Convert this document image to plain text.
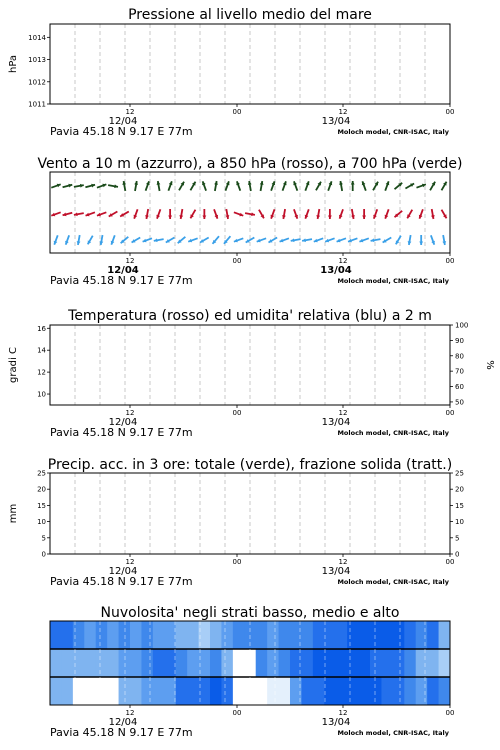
Pressione al livello medio del mare
1011
1012
1013
1014
hPa
12	00	12	00
12/04	13/04
Pavia 45.18 N 9.17 E 77m	Moloch model, CNR-ISAC, Italy
Vento a 10 m (azzurro), a 850 hPa (rosso), a 700 hPa (verde)
12	00	12	00
12/04	13/04
Pavia 45.18 N 9.17 E 77m	Moloch model, CNR-ISAC, Italy
Temperatura (rosso) ed umidita' relativa (blu) a 2 m
10
12
14
16
50
60
70
80
90
100
gradi C	%
12	00	12	00
12/04	13/04
Pavia 45.18 N 9.17 E 77m	Moloch model, CNR-ISAC, Italy
Precip. acc. in 3 ore: totale (verde), frazione solida (tratt.)
0	0
5	5
10	10
15	15
20	20
25	25
mm
12	00	12	00
12/04	13/04
Pavia 45.18 N 9.17 E 77m	Moloch model, CNR-ISAC, Italy
Nuvolosita' negli strati basso, medio e alto
12	00	12	00
12/04	13/04
Pavia 45.18 N 9.17 E 77m	Moloch model, CNR-ISAC, Italy
